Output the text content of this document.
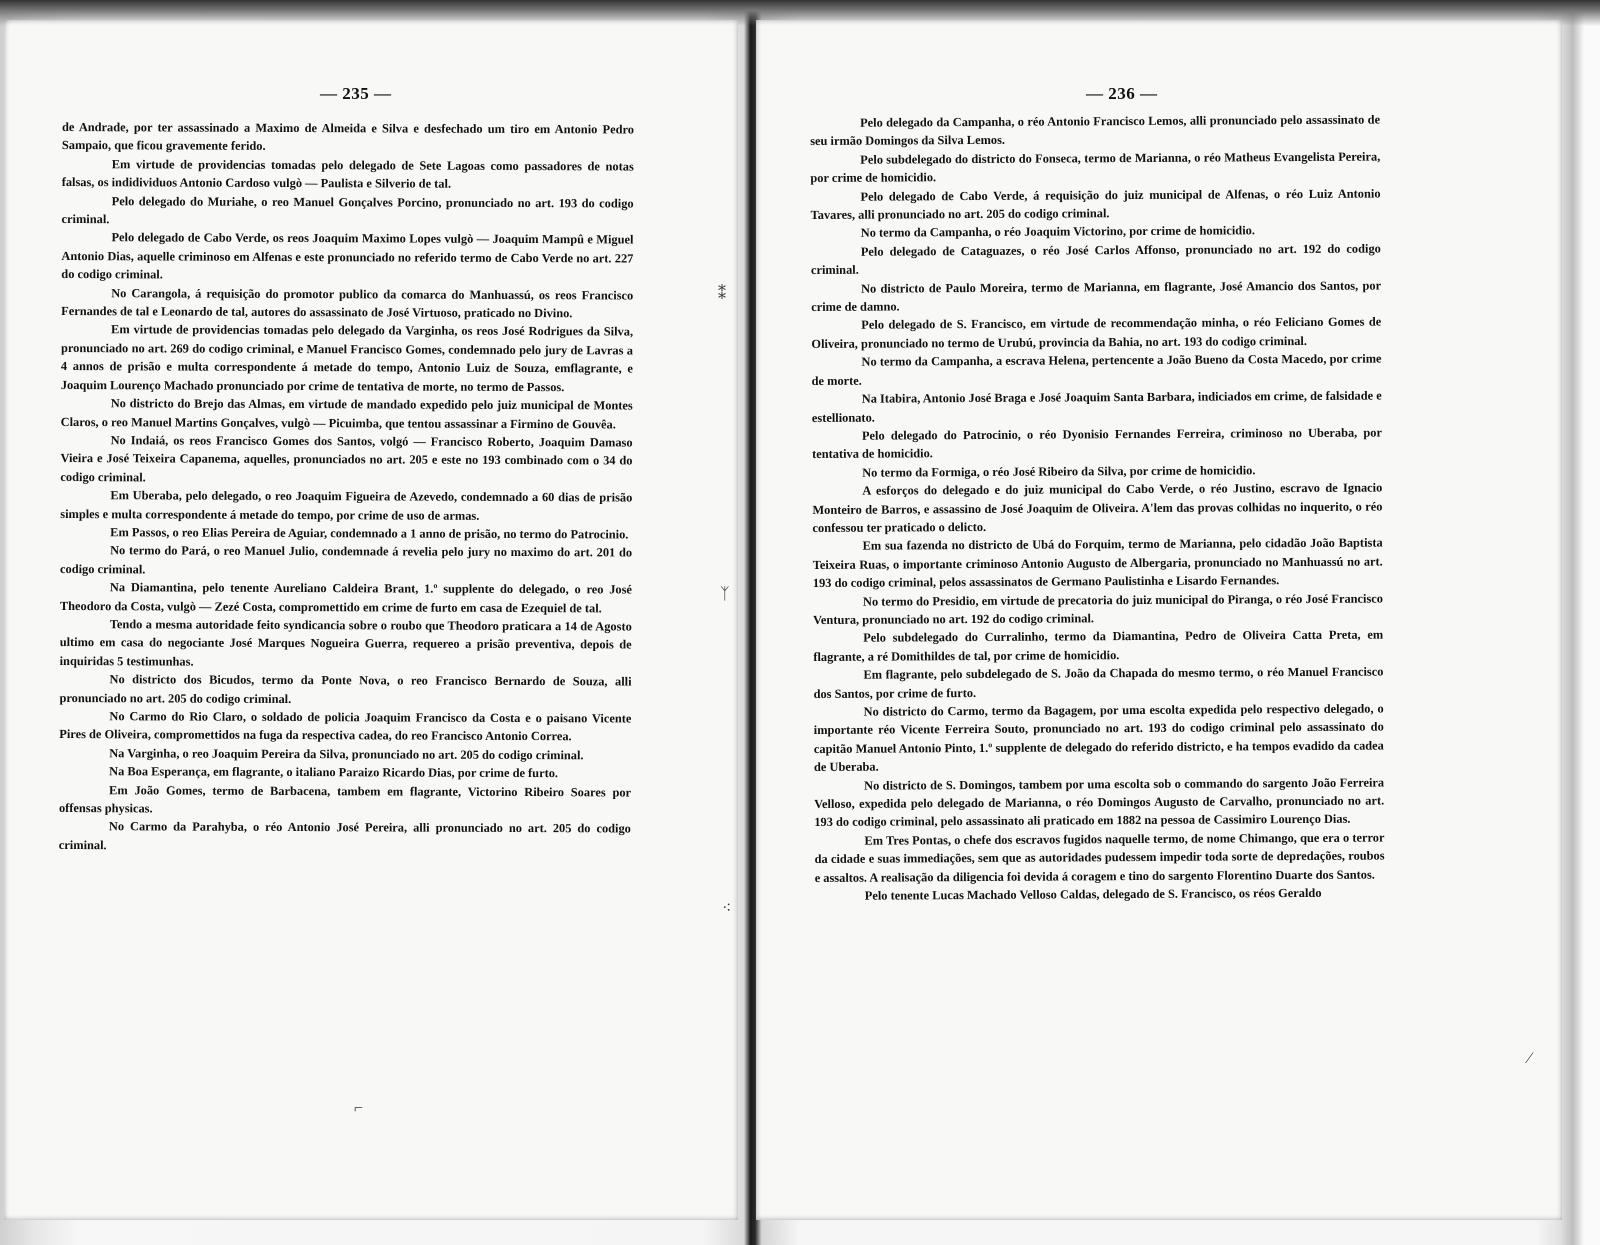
— 235 —

de Andrade, por ter assassinado a Maximo de Almeida e Silva e desfechado um tiro em Antonio Pedro Sampaio, que ficou gravemente ferido.

Em virtude de providencias tomadas pelo delegado de Sete Lagoas como passadores de notas falsas, os indidividuos Antonio Cardoso vulgò — Paulista e Silverio de tal.

Pelo delegado do Muriahe, o reo Manuel Gonçalves Porcino, pronunciado no art. 193 do codigo criminal.

Pelo delegado de Cabo Verde, os reos Joaquim Maximo Lopes vulgò — Joaquim Mampû e Miguel Antonio Dias, aquelle criminoso em Alfenas e este pronunciado no referido termo de Cabo Verde no art. 227 do codigo criminal.

No Carangola, á requisição do promotor publico da comarca do Manhuassú, os reos Francisco Fernandes de tal e Leonardo de tal, autores do assassinato de José Virtuoso, praticado no Divino.

Em virtude de providencias tomadas pelo delegado da Varginha, os reos José Rodrigues da Silva, pronunciado no art. 269 do codigo criminal, e Manuel Francisco Gomes, condemnado pelo jury de Lavras a 4 annos de prisão e multa correspondente á metade do tempo, Antonio Luiz de Souza, emflagrante, e Joaquim Lourenço Machado pronunciado por crime de tentativa de morte, no termo de Passos.

No districto do Brejo das Almas, em virtude de mandado expedido pelo juiz municipal de Montes Claros, o reo Manuel Martins Gonçalves, vulgò — Picuimba, que tentou assassinar a Firmino de Gouvêa.

No Indaiá, os reos Francisco Gomes dos Santos, volgó — Francisco Roberto, Joaquim Damaso Vieira e José Teixeira Capanema, aquelles, pronunciados no art. 205 e este no 193 combinado com o 34 do codigo criminal.

Em Uberaba, pelo delegado, o reo Joaquim Figueira de Azevedo, condemnado a 60 dias de prisão simples e multa correspondente á metade do tempo, por crime de uso de armas.

Em Passos, o reo Elias Pereira de Aguiar, condemnado a 1 anno de prisão, no termo do Patrocinio.

No termo do Pará, o reo Manuel Julio, condemnade á revelia pelo jury no maximo do art. 201 do codigo criminal.

Na Diamantina, pelo tenente Aureliano Caldeira Brant, 1.º supplente do delegado, o reo José Theodoro da Costa, vulgò — Zezé Costa, compromettido em crime de furto em casa de Ezequiel de tal.

Tendo a mesma autoridade feito syndicancia sobre o roubo que Theodoro praticara a 14 de Agosto ultimo em casa do negociante José Marques Nogueira Guerra, requereo a prisão preventiva, depois de inquiridas 5 testimunhas.

No districto dos Bicudos, termo da Ponte Nova, o reo Francisco Bernardo de Souza, alli pronunciado no art. 205 do codigo criminal.

No Carmo do Rio Claro, o soldado de policia Joaquim Francisco da Costa e o paisano Vicente Pires de Oliveira, compromettidos na fuga da respectiva cadea, do reo Francisco Antonio Correa.

Na Varginha, o reo Joaquim Pereira da Silva, pronunciado no art. 205 do codigo criminal.

Na Boa Esperança, em flagrante, o italiano Paraizo Ricardo Dias, por crime de furto.

Em João Gomes, termo de Barbacena, tambem em flagrante, Victorino Ribeiro Soares por offensas physicas.

No Carmo da Parahyba, o réo Antonio José Pereira, alli pronunciado no art. 205 do codigo criminal.

⌐
— 236 —

Pelo delegado da Campanha, o réo Antonio Francisco Lemos, alli pronunciado pelo assassinato de seu irmão Domingos da Silva Lemos.

Pelo subdelegado do districto do Fonseca, termo de Marianna, o réo Matheus Evangelista Pereira, por crime de homicidio.

Pelo delegado de Cabo Verde, á requisição do juiz municipal de Alfenas, o réo Luiz Antonio Tavares, alli pronunciado no art. 205 do codigo criminal.

No termo da Campanha, o réo Joaquim Victorino, por crime de homicidio.

Pelo delegado de Cataguazes, o réo José Carlos Affonso, pronunciado no art. 192 do codigo criminal.

No districto de Paulo Moreira, termo de Marianna, em flagrante, José Amancio dos Santos, por crime de damno.

Pelo delegado de S. Francisco, em virtude de recommendação minha, o réo Feliciano Gomes de Oliveira, pronunciado no termo de Urubú, provincia da Bahia, no art. 193 do codigo criminal.

No termo da Campanha, a escrava Helena, pertencente a João Bueno da Costa Macedo, por crime de morte.

Na Itabira, Antonio José Braga e José Joaquim Santa Barbara, indiciados em crime, de falsidade e estellionato.

Pelo delegado do Patrocinio, o réo Dyonisio Fernandes Ferreira, criminoso no Uberaba, por tentativa de homicidio.

No termo da Formiga, o réo José Ribeiro da Silva, por crime de homicidio.

A esforços do delegado e do juiz municipal do Cabo Verde, o réo Justino, escravo de Ignacio Monteiro de Barros, e assassino de José Joaquim de Oliveira. A'lem das provas colhidas no inquerito, o réo confessou ter praticado o delicto.

Em sua fazenda no districto de Ubá do Forquim, termo de Marianna, pelo cidadão João Baptista Teixeira Ruas, o importante criminoso Antonio Augusto de Albergaria, pronunciado no Manhuassú no art. 193 do codigo criminal, pelos assassinatos de Germano Paulistinha e Lisardo Fernandes.

No termo do Presidio, em virtude de precatoria do juiz municipal do Piranga, o réo José Francisco Ventura, pronunciado no art. 192 do codigo criminal.

Pelo subdelegado do Curralinho, termo da Diamantina, Pedro de Oliveira Catta Preta, em flagrante, a ré Domithildes de tal, por crime de homicidio.

Em flagrante, pelo subdelegado de S. João da Chapada do mesmo termo, o réo Manuel Francisco dos Santos, por crime de furto.

No districto do Carmo, termo da Bagagem, por uma escolta expedida pelo respectivo delegado, o importante réo Vicente Ferreira Souto, pronunciado no art. 193 do codigo criminal pelo assassinato do capitão Manuel Antonio Pinto, 1.º supplente de delegado do referido districto, e ha tempos evadido da cadea de Uberaba.

No districto de S. Domingos, tambem por uma escolta sob o commando do sargento João Ferreira Velloso, expedida pelo delegado de Marianna, o réo Domingos Augusto de Carvalho, pronunciado no art. 193 do codigo criminal, pelo assassinato ali praticado em 1882 na pessoa de Cassimiro Lourenço Dias.

Em Tres Pontas, o chefe dos escravos fugidos naquelle termo, de nome Chimango, que era o terror da cidade e suas immediações, sem que as autoridades pudessem impedir toda sorte de depredações, roubos e assaltos. A realisação da diligencia foi devida á coragem e tino do sargento Florentino Duarte dos Santos.

Pelo tenente Lucas Machado Velloso Caldas, delegado de S. Francisco, os réos Geraldo

⁄
⁑
ᛉ
⁖
